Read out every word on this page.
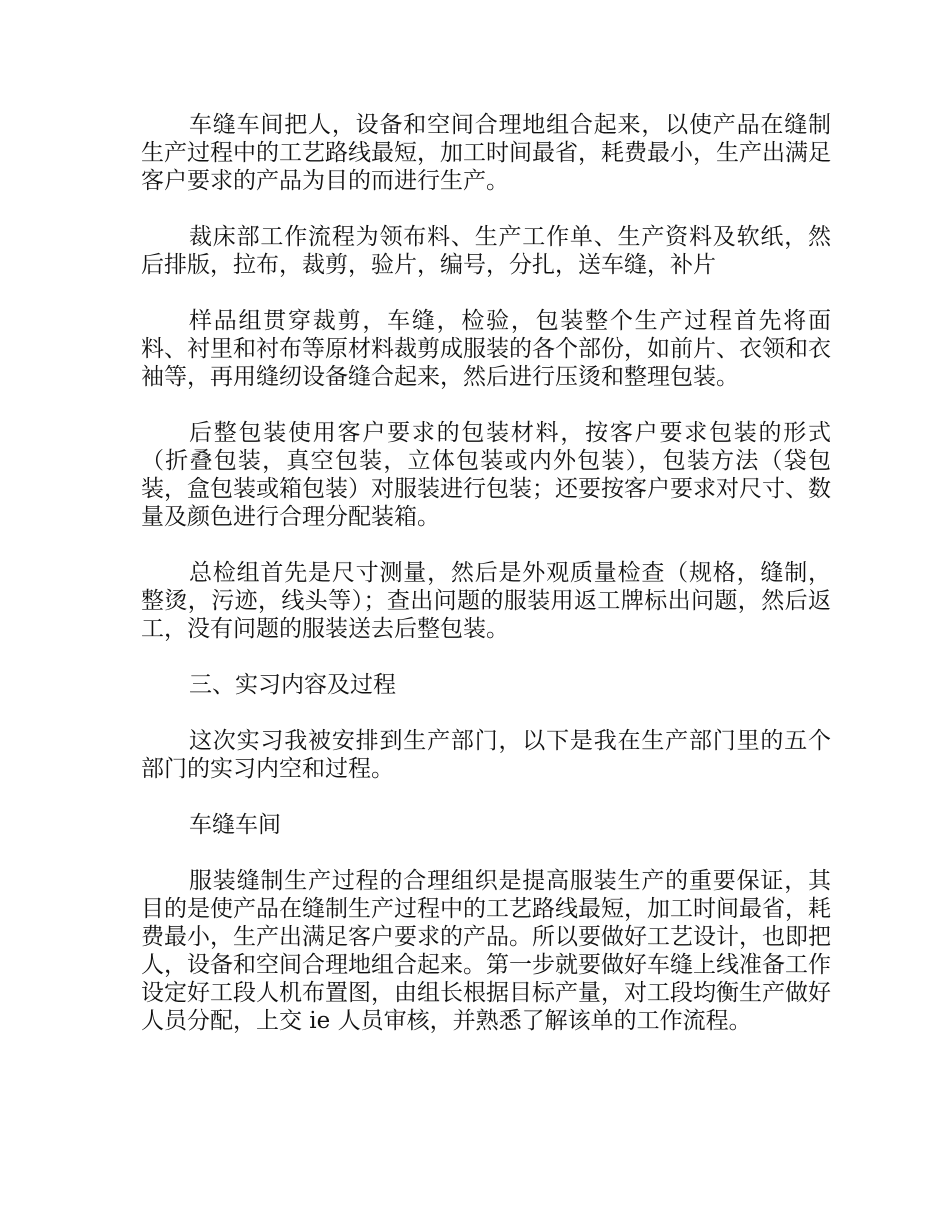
车缝车间把人，设备和空间合理地组合起来，以使产品在缝制生产过程中的工艺路线最短，加工时间最省，耗费最小，生产出满足客户要求的产品为目的而进行生产。

裁床部工作流程为领布料、生产工作单、生产资料及软纸，然后排版，拉布，裁剪，验片，编号，分扎，送车缝，补片

样品组贯穿裁剪，车缝，检验，包装整个生产过程首先将面料、衬里和衬布等原材料裁剪成服装的各个部份，如前片、衣领和衣袖等，再用缝纫设备缝合起来，然后进行压烫和整理包装。

后整包装使用客户要求的包装材料，按客户要求包装的形式（折叠包装，真空包装，立体包装或内外包装），包装方法（袋包装，盒包装或箱包装）对服装进行包装；还要按客户要求对尺寸、数量及颜色进行合理分配装箱。

总检组首先是尺寸测量，然后是外观质量检查（规格，缝制，整烫，污迹，线头等）；查出问题的服装用返工牌标出问题，然后返工，没有问题的服装送去后整包装。

三、实习内容及过程

这次实习我被安排到生产部门，以下是我在生产部门里的五个部门的实习内空和过程。

车缝车间

服装缝制生产过程的合理组织是提高服装生产的重要保证，其目的是使产品在缝制生产过程中的工艺路线最短，加工时间最省，耗费最小，生产出满足客户要求的产品。所以要做好工艺设计，也即把人，设备和空间合理地组合起来。第一步就要做好车缝上线准备工作设定好工段人机布置图，由组长根据目标产量，对工段均衡生产做好人员分配，上交 ie 人员审核，并熟悉了解该单的工作流程。
